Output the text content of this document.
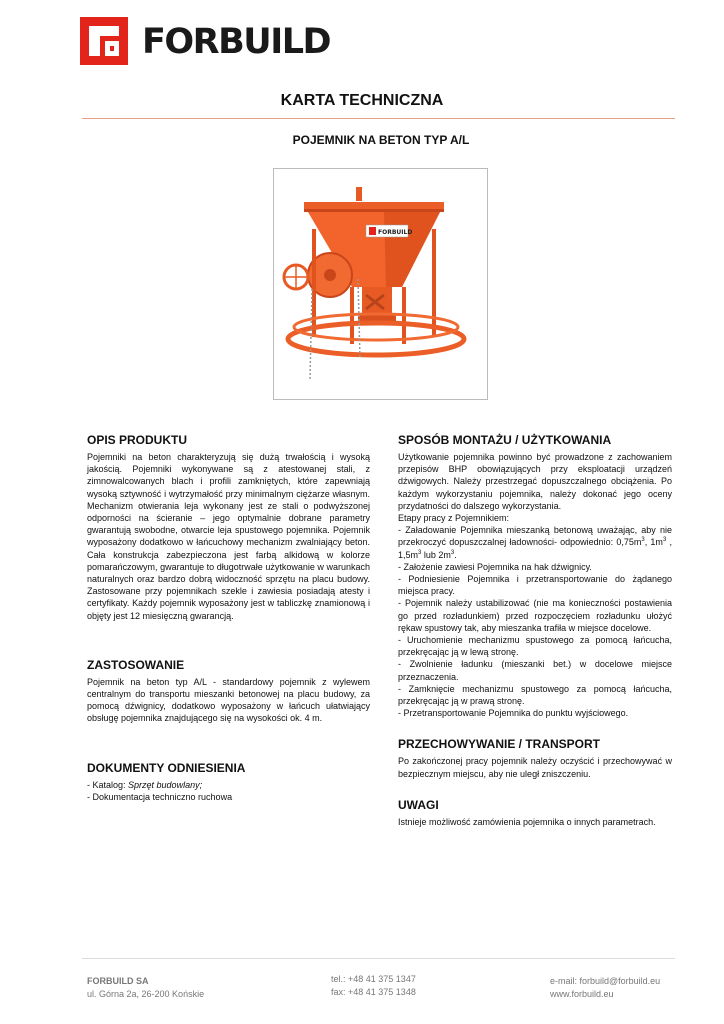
FORBUILD
KARTA TECHNICZNA
POJEMNIK NA BETON TYP A/L
FORBUILD
OPIS PRODUKTU

Pojemniki na beton charakteryzują się dużą trwałością i wysoką jakością. Pojemniki wykonywane są z atestowanej stali, z zimnowalcowanych blach i profili zamkniętych, które zapewniają wysoką sztywność i wytrzymałość przy minimalnym ciężarze własnym. Mechanizm otwierania leja wykonany jest ze stali o podwyższonej odporności na ścieranie – jego optymalnie dobrane parametry gwarantują swobodne, otwarcie leja spustowego pojemnika. Pojemnik wyposażony dodatkowo w łańcuchowy mechanizm zwalniający beton. Cała konstrukcja zabezpieczona jest farbą alkidową w kolorze pomarańczowym, gwarantuje to długotrwałe użytkowanie w warunkach naturalnych oraz bardzo dobrą widoczność sprzętu na placu budowy. Zastosowane przy pojemnikach szekle i zawiesia posiadają atesty i certyfikaty. Każdy pojemnik wyposażony jest w tabliczkę znamionową i objęty jest 12 miesięczną gwarancją.

ZASTOSOWANIE

Pojemnik na beton typ A/L - standardowy pojemnik z wylewem centralnym do transportu mieszanki betonowej na placu budowy, za pomocą dźwignicy, dodatkowo wyposażony w łańcuch ułatwiający obsługę pojemnika znajdującego się na wysokości ok. 4 m.

DOKUMENTY ODNIESIENIA
- Katalog: Sprzęt budowlany;
- Dokumentacja techniczno ruchowa
SPOSÓB MONTAŻU / UŻYTKOWANIA

Użytkowanie pojemnika powinno być prowadzone z zachowaniem przepisów BHP obowiązujących przy eksploatacji urządzeń dźwigowych. Należy przestrzegać dopuszczalnego obciążenia. Po każdym wykorzystaniu pojemnika, należy dokonać jego oceny przydatności do dalszego wykorzystania.

Etapy pracy z Pojemnikiem:

- Załadowanie Pojemnika mieszanką betonową uważając, aby nie przekroczyć dopuszczalnej ładowności- odpowiednio: $0,75m^3$, $1m^3$ , $1,5m^3$ lub $2m^3$.

- Założenie zawiesi Pojemnika na hak dźwignicy.

- Podniesienie Pojemnika i przetransportowanie do żądanego miejsca pracy.

- Pojemnik należy ustabilizować (nie ma konieczności postawienia go przed rozładunkiem) przed rozpoczęciem rozładunku ułożyć rękaw spustowy tak, aby mieszanka trafiła w miejsce docelowe.

- Uruchomienie mechanizmu spustowego za pomocą łańcucha, przekręcając ją w lewą stronę.

- Zwolnienie ładunku (mieszanki bet.) w docelowe miejsce przeznaczenia.

- Zamknięcie mechanizmu spustowego za pomocą łańcucha, przekręcając ją w prawą stronę.

- Przetransportowanie Pojemnika do punktu wyjściowego.

PRZECHOWYWANIE / TRANSPORT

Po zakończonej pracy pojemnik należy oczyścić i przechowywać w bezpiecznym miejscu, aby nie uległ zniszczeniu.

UWAGI

Istnieje możliwość zamówienia pojemnika o innych parametrach.

FORBUILD SA
ul. Górna 2a, 26-200 Końskie
tel.: +48 41 375 1347
fax: +48 41 375 1348
e-mail: forbuild@forbuild.eu
www.forbuild.eu
